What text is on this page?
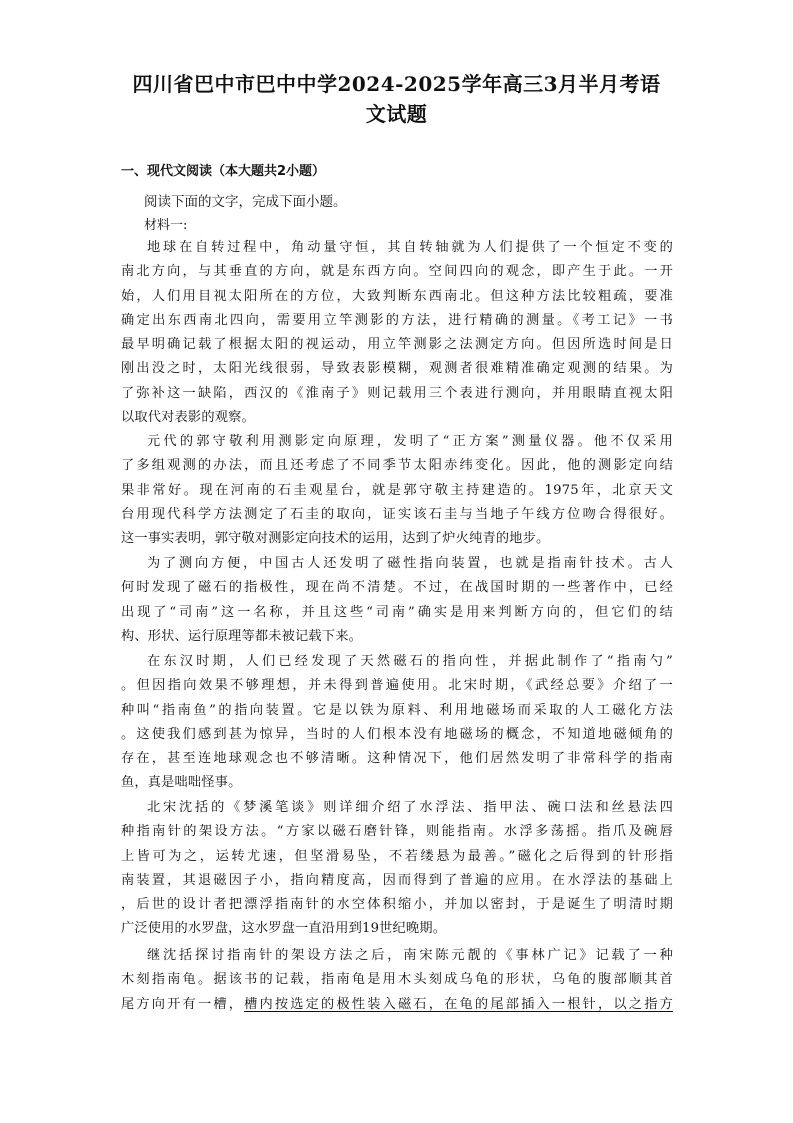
四川省巴中市巴中中学2024-2025学年高三3月半月考语
文试题
一、现代文阅读（本大题共2小题）
阅读下面的文字，完成下面小题。
材料一:
地球在自转过程中，角动量守恒，其自转轴就为人们提供了一个恒定不变的
南北方向，与其垂直的方向，就是东西方向。空间四向的观念，即产生于此。一开
始，人们用目视太阳所在的方位，大致判断东西南北。但这种方法比较粗疏，要准
确定出东西南北四向，需要用立竿测影的方法，进行精确的测量。《考工记》一书
最早明确记载了根据太阳的视运动，用立竿测影之法测定方向。但因所选时间是日
刚出没之时，太阳光线很弱，导致表影模糊，观测者很难精准确定观测的结果。为
了弥补这一缺陷，西汉的《淮南子》则记载用三个表进行测向，并用眼睛直视太阳
以取代对表影的观察。
元代的郭守敬利用测影定向原理，发明了“正方案”测量仪器。他不仅采用
了多组观测的办法，而且还考虑了不同季节太阳赤纬变化。因此，他的测影定向结
果非常好。现在河南的石圭观星台，就是郭守敬主持建造的。1975年，北京天文
台用现代科学方法测定了石圭的取向，证实该石圭与当地子午线方位吻合得很好。
这一事实表明，郭守敬对测影定向技术的运用，达到了炉火纯青的地步。
为了测向方便，中国古人还发明了磁性指向装置，也就是指南针技术。古人
何时发现了磁石的指极性，现在尚不清楚。不过，在战国时期的一些著作中，已经
出现了“司南”这一名称，并且这些“司南”确实是用来判断方向的，但它们的结
构、形状、运行原理等都未被记载下来。
在东汉时期，人们已经发现了天然磁石的指向性，并据此制作了“指南勺”
。但因指向效果不够理想，并未得到普遍使用。北宋时期，《武经总要》介绍了一
种叫“指南鱼”的指向装置。它是以铁为原料、利用地磁场而采取的人工磁化方法
。这使我们感到甚为惊异，当时的人们根本没有地磁场的概念，不知道地磁倾角的
存在，甚至连地球观念也不够清晰。这种情况下，他们居然发明了非常科学的指南
鱼，真是咄咄怪事。
北宋沈括的《梦溪笔谈》则详细介绍了水浮法、指甲法、碗口法和丝悬法四
种指南针的架设方法。“方家以磁石磨针锋，则能指南。水浮多荡摇。指爪及碗唇
上皆可为之，运转尤速，但坚滑易坠，不若缕悬为最善。”磁化之后得到的针形指
南装置，其退磁因子小，指向精度高，因而得到了普遍的应用。在水浮法的基础上
，后世的设计者把漂浮指南针的水空体积缩小，并加以密封，于是诞生了明清时期
广泛使用的水罗盘，这水罗盘一直沿用到19世纪晚期。
继沈括探讨指南针的架设方法之后，南宋陈元靓的《事林广记》记载了一种
木刻指南龟。据该书的记载，指南龟是用木头刻成乌龟的形状，乌龟的腹部顺其首
尾方向开有一槽，槽内按选定的极性装入磁石，在龟的尾部插入一根针，以之指方
